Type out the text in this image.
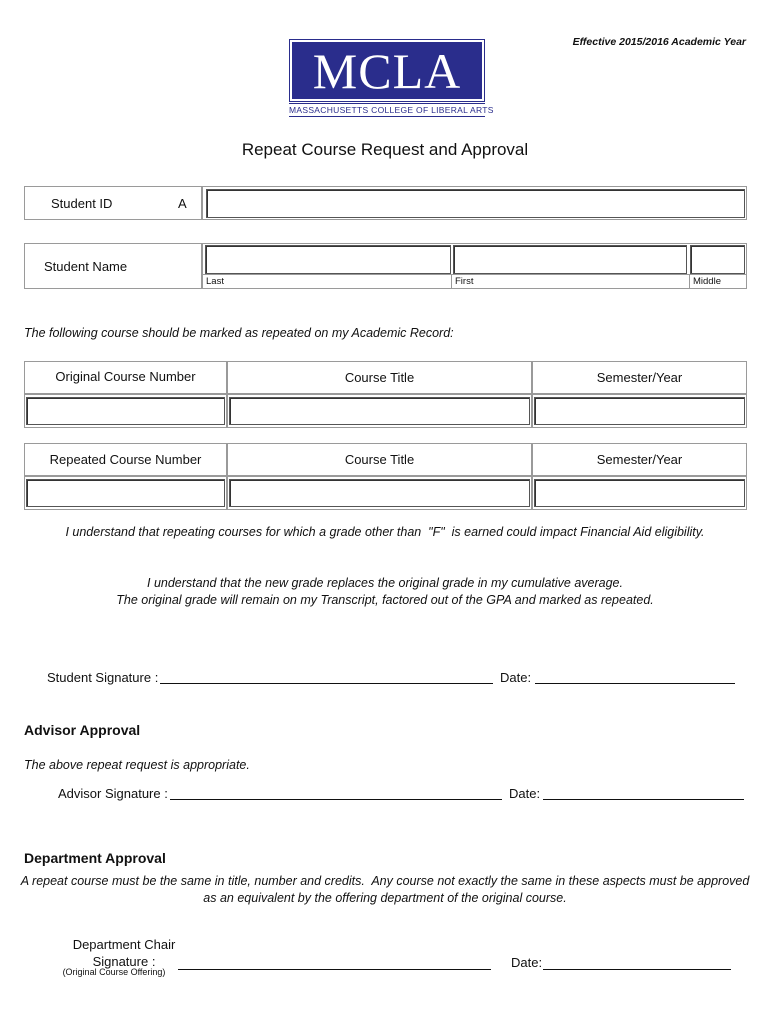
Effective 2015/2016 Academic Year
MCLA
MASSACHUSETTS COLLEGE OF LIBERAL ARTS
Repeat Course Request and Approval
Student ID	A
Student Name
Last	First	Middle
The following course should be marked as repeated on my Academic Record:
Original Course Number	Course Title	Semester/Year
Repeated Course Number	Course Title	Semester/Year
I understand that repeating courses for which a grade other than  "F"  is earned could impact Financial Aid eligibility.
I understand that the new grade replaces the original grade in my cumulative average.
The original grade will remain on my Transcript, factored out of the GPA and marked as repeated.
Student Signature :	Date:
Advisor Approval
The above repeat request is appropriate.
Advisor Signature :	Date:
Department Approval
A repeat course must be the same in title, number and credits.  Any course not exactly the same in these aspects must be approved
as an equivalent by the offering department of the original course.
Department Chair
Signature :
(Original Course Offering)
Date:
